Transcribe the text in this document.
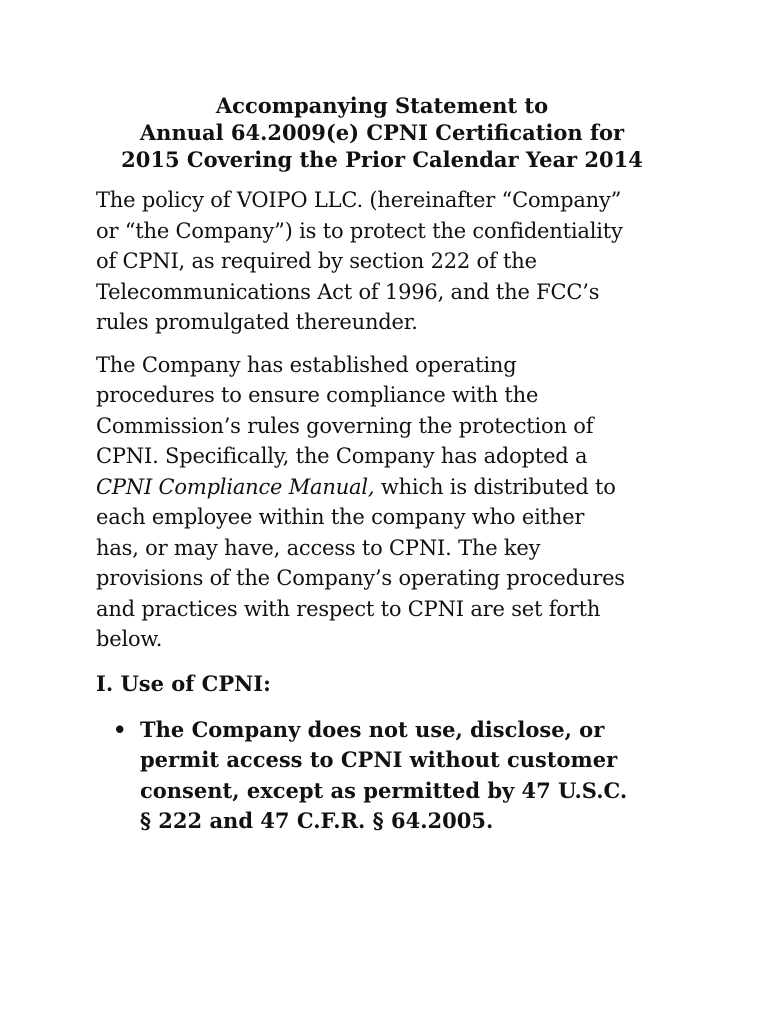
Accompanying Statement to
Annual 64.2009(e) CPNI Certification for
2015 Covering the Prior Calendar Year 2014
The policy of VOIPO LLC. (hereinafter “Company”
or “the Company”) is to protect the confidentiality
of CPNI, as required by section 222 of the
Telecommunications Act of 1996, and the FCC’s
rules promulgated thereunder.
The Company has established operating
procedures to ensure compliance with the
Commission’s rules governing the protection of
CPNI. Specifically, the Company has adopted a
CPNI Compliance Manual, which is distributed to
each employee within the company who either
has, or may have, access to CPNI. The key
provisions of the Company’s operating procedures
and practices with respect to CPNI are set forth
below.
I. Use of CPNI:
• The Company does not use, disclose, or
permit access to CPNI without customer
consent, except as permitted by 47 U.S.C.
§ 222 and 47 C.F.R. § 64.2005.
